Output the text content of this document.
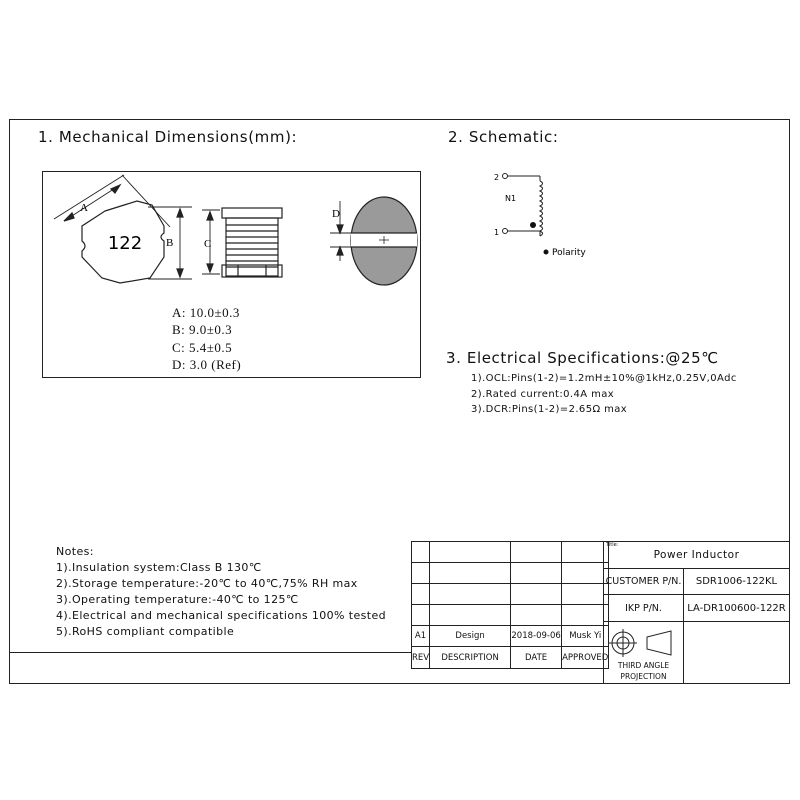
1. Mechanical Dimensions(mm):	2. Schematic:
3. Electrical Specifications:@25℃
122
A
B	C
D
A: 10.0±0.3
B: 9.0±0.3
C: 5.4±0.5
D: 3.0 (Ref)
2
1
N1
Polarity
1).OCL:Pins(1-2)=1.2mH±10%@1kHz,0.25V,0Adc
2).Rated current:0.4A max
3).DCR:Pins(1-2)=2.65Ω max
Notes:
1).Insulation system:Class B 130℃
2).Storage temperature:-20℃ to 40℃,75% RH max
3).Operating temperature:-40℃ to 125℃
4).Electrical and mechanical specifications 100% tested
5).RoHS compliant compatible

				A1	Design	2018-09-06	Musk Yi
REV	DESCRIPTION	DATE	APPROVED
Title:
Power Inductor
CUSTOMER P/N.	SDR1006-122KL
IKP P/N.	LA-DR100600-122R
THIRD ANGLE PROJECTION
